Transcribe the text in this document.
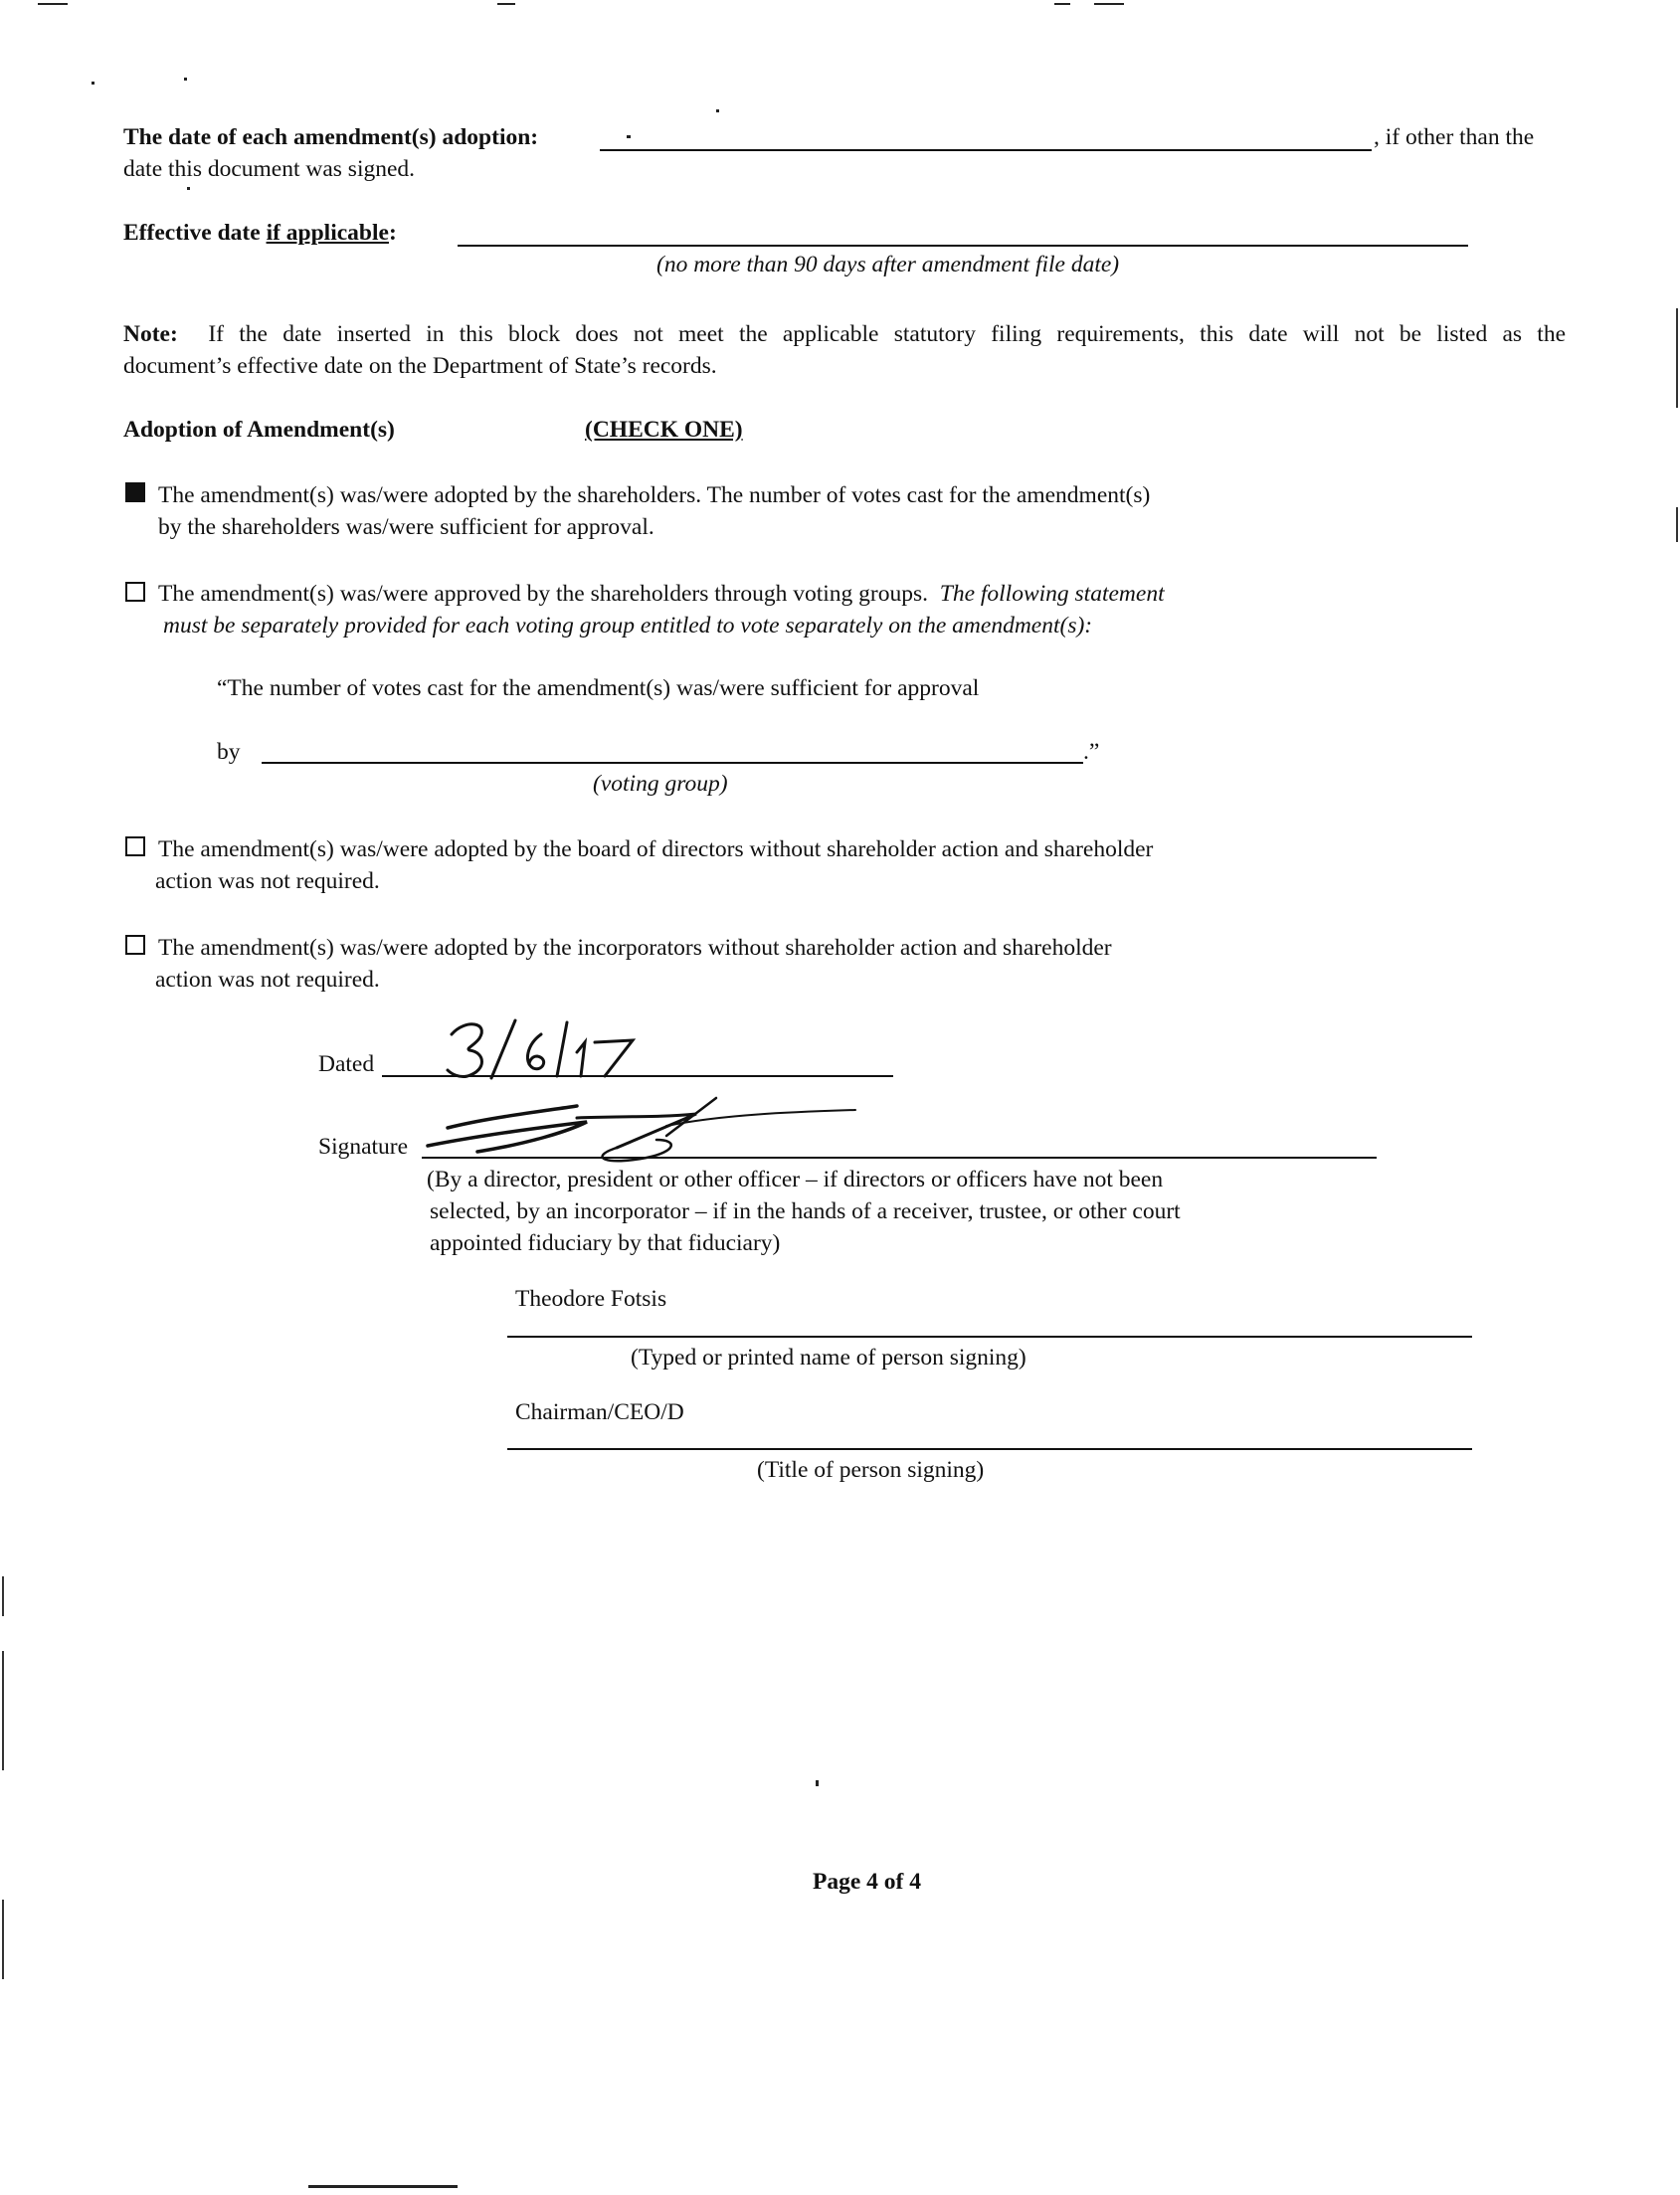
The date of each amendment(s) adoption:	, if other than the
date this document was signed.
Effective date if applicable:
(no more than 90 days after amendment file date)
Note: If the date inserted in this block does not meet the applicable statutory filing requirements, this date will not be listed as the
document’s effective date on the Department of State’s records.
Adoption of Amendment(s)	(CHECK ONE)
The amendment(s) was/were adopted by the shareholders. The number of votes cast for the amendment(s)
by the shareholders was/were sufficient for approval.
The amendment(s) was/were approved by the shareholders through voting groups. The following statement
must be separately provided for each voting group entitled to vote separately on the amendment(s):
“The number of votes cast for the amendment(s) was/were sufficient for approval
by	.”
(voting group)
The amendment(s) was/were adopted by the board of directors without shareholder action and shareholder
action was not required.
The amendment(s) was/were adopted by the incorporators without shareholder action and shareholder
action was not required.
Dated
Signature
(By a director, president or other officer – if directors or officers have not been
selected, by an incorporator – if in the hands of a receiver, trustee, or other court
appointed fiduciary by that fiduciary)
Theodore Fotsis
(Typed or printed name of person signing)
Chairman/CEO/D
(Title of person signing)
Page 4 of 4
